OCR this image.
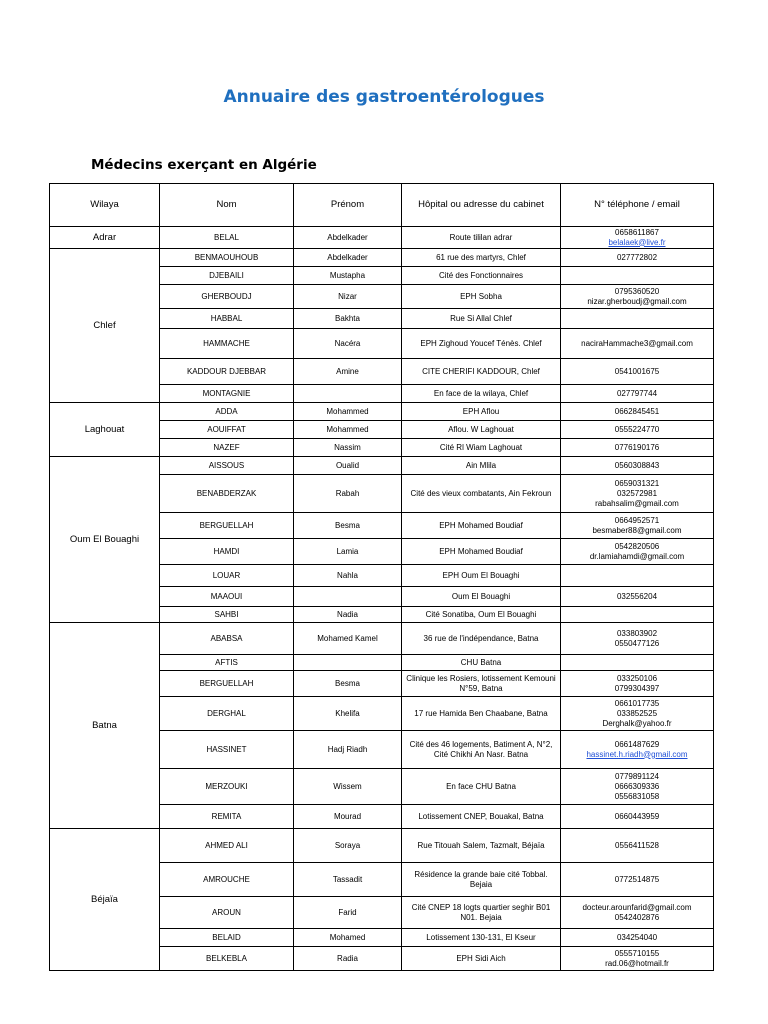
Annuaire des gastroentérologues
Médecins exerçant en Algérie
Wilaya	Nom	Prénom	Hôpital ou adresse du cabinet	N° téléphone / email
Adrar	BELAL	Abdelkader	Route tililan adrar	0658611867
belalaek@live.fr

Chlef	BENMAOUHOUB	Abdelkader	61 rue des martyrs, Chlef	027772802

	DJEBAILI	Mustapha	Cité des Fonctionnaires	
	GHERBOUDJ	Nizar	EPH Sobha	0795360520
nizar.gherboudj@gmail.com

	HABBAL	Bakhta	Rue Si Allal Chlef	
	HAMMACHE	Nacéra	EPH Zighoud Youcef Ténès. Chlef	naciraHammache3@gmail.com

	KADDOUR DJEBBAR	Amine	CITE CHERIFI KADDOUR, Chlef	0541001675

	MONTAGNIE		En face de la wilaya, Chlef	027797744

Laghouat	ADDA	Mohammed	EPH Aflou	0662845451

	AOUIFFAT	Mohammed	Aflou. W Laghouat	0555224770

	NAZEF	Nassim	Cité Rl Wiam Laghouat	0776190176

Oum El Bouaghi	AISSOUS	Oualid	Ain Mlila	0560308843

	BENABDERZAK	Rabah	Cité des vieux combatants, Ain Fekroun	0659031321
032572981
rabahsalim@gmail.com

	BERGUELLAH	Besma	EPH Mohamed Boudiaf	0664952571
besmaber88@gmail.com

	HAMDI	Lamia	EPH Mohamed Boudiaf	0542820506
dr.lamiahamdi@gmail.com

	LOUAR	Nahla	EPH Oum El Bouaghi	
	MAAOUI		Oum El Bouaghi	032556204

	SAHBI	Nadia	Cité Sonatiba, Oum El Bouaghi	
Batna	ABABSA	Mohamed Kamel	36 rue de l'indépendance, Batna	033803902
0550477126

	AFTIS		CHU Batna	
	BERGUELLAH	Besma	Clinique les Rosiers, lotissement Kemouni N°59, Batna	033250106
0799304397

	DERGHAL	Khelifa	17 rue Hamida Ben Chaabane, Batna	0661017735
033852525
Derghalk@yahoo.fr

	HASSINET	Hadj Riadh	Cité des 46 logements, Batiment A, N°2, Cité Chikhi An Nasr. Batna	0661487629
hassinet.h.riadh@gmail.com

	MERZOUKI	Wissem	En face CHU Batna	0779891124
0666309336
0556831058

	REMITA	Mourad	Lotissement CNEP, Bouakal, Batna	0660443959

Béjaïa	AHMED ALI	Soraya	Rue Titouah Salem, Tazmalt, Béjaïa	0556411528

	AMROUCHE	Tassadit	Résidence la grande baie cité Tobbal. Bejaia	0772514875

	AROUN	Farid	Cité CNEP 18 logts quartier seghir B01 N01. Bejaia	docteur.arounfarid@gmail.com
0542402876

	BELAID	Mohamed	Lotissement 130-131, El Kseur	034254040

	BELKEBLA	Radia	EPH Sidi Aich	0555710155
rad.06@hotmail.fr
